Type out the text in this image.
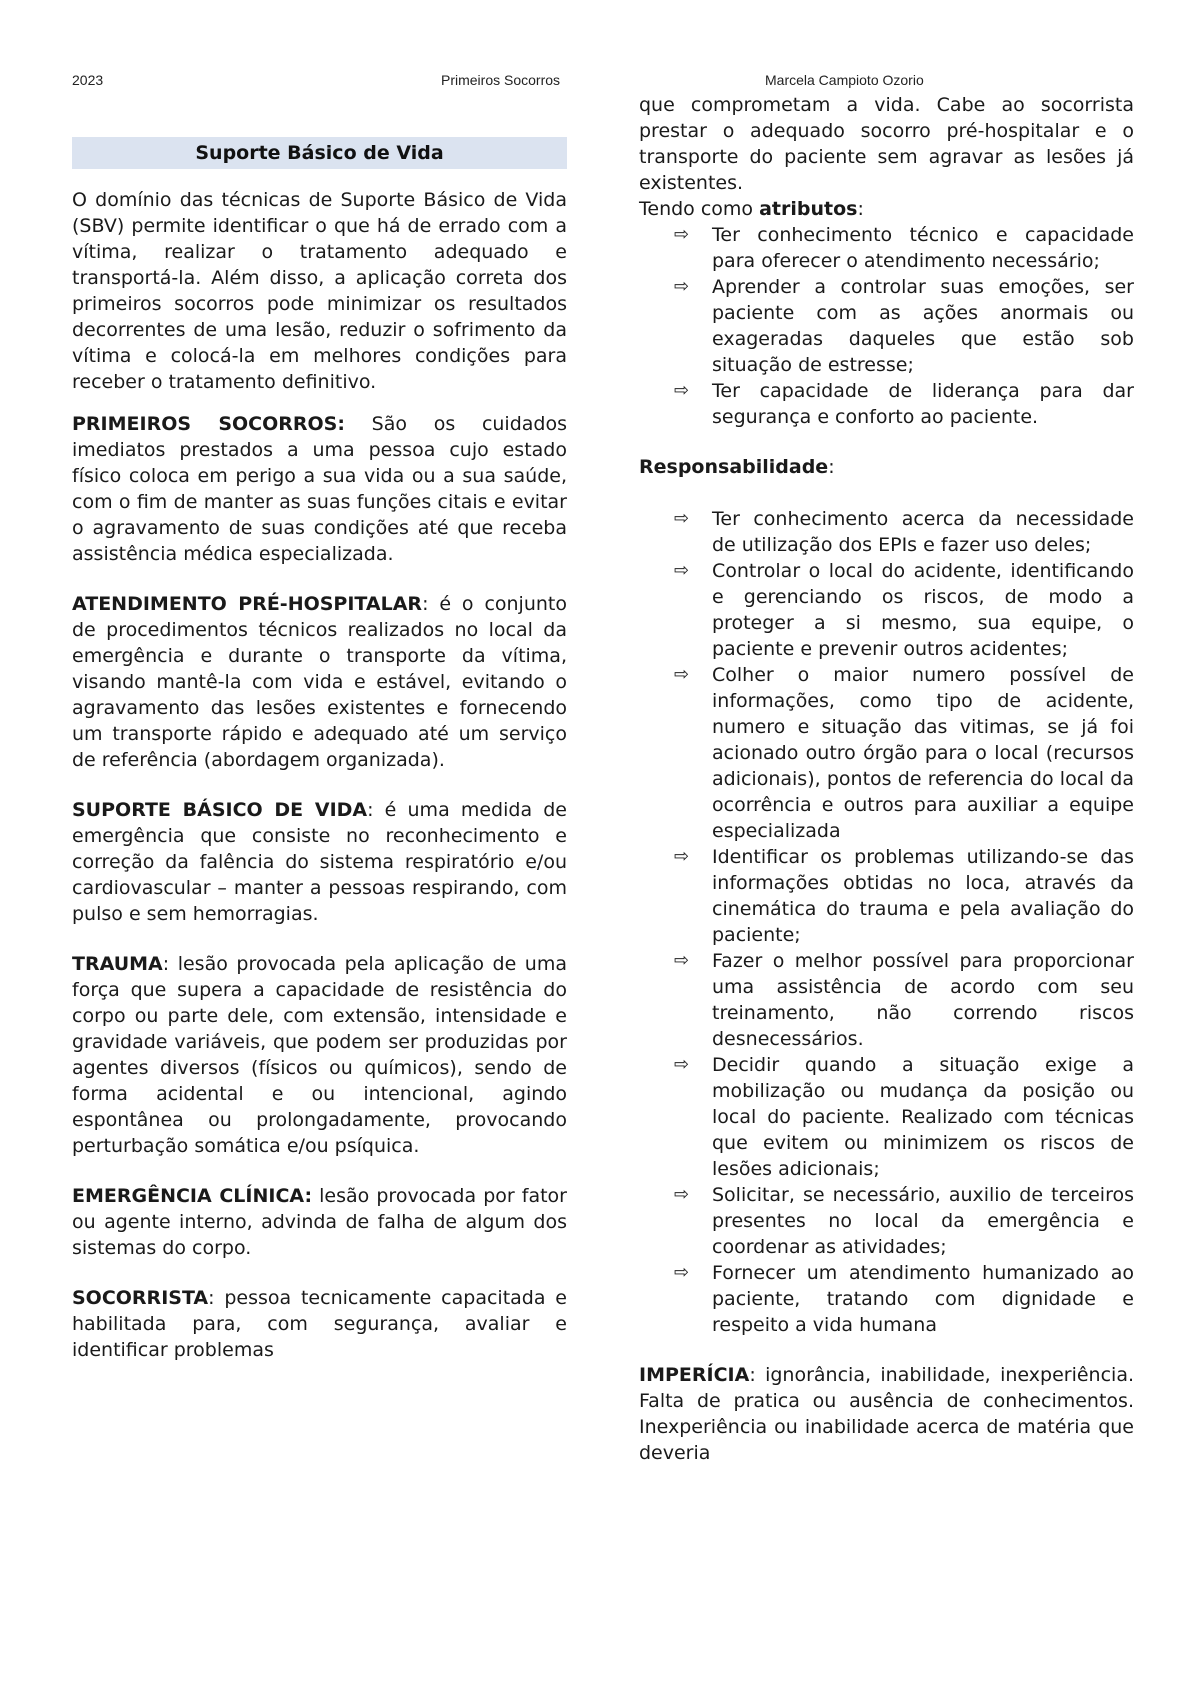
2023	Primeiros Socorros	Marcela Campioto Ozorio
Suporte Básico de Vida

O domínio das técnicas de Suporte Básico de Vida (SBV) permite identificar o que há de errado com a vítima, realizar o tratamento adequado e transportá-la. Além disso, a aplicação correta dos primeiros socorros pode minimizar os resultados decorrentes de uma lesão, reduzir o sofrimento da vítima e colocá-la em melhores condições para receber o tratamento definitivo.

PRIMEIROS SOCORROS: São os cuidados imediatos prestados a uma pessoa cujo estado físico coloca em perigo a sua vida ou a sua saúde, com o fim de manter as suas funções citais e evitar o agravamento de suas condições até que receba assistência médica especializada.

ATENDIMENTO PRÉ-HOSPITALAR: é o conjunto de procedimentos técnicos realizados no local da emergência e durante o transporte da vítima, visando mantê-la com vida e estável, evitando o agravamento das lesões existentes e fornecendo um transporte rápido e adequado até um serviço de referência (abordagem organizada).

SUPORTE BÁSICO DE VIDA: é uma medida de emergência que consiste no reconhecimento e correção da falência do sistema respiratório e/ou cardiovascular – manter a pessoas respirando, com pulso e sem hemorragias.

TRAUMA: lesão provocada pela aplicação de uma força que supera a capacidade de resistência do corpo ou parte dele, com extensão, intensidade e gravidade variáveis, que podem ser produzidas por agentes diversos (físicos ou químicos), sendo de forma acidental e ou intencional, agindo espontânea ou prolongadamente, provocando perturbação somática e/ou psíquica.

EMERGÊNCIA CLÍNICA: lesão provocada por fator ou agente interno, advinda de falha de algum dos sistemas do corpo.

SOCORRISTA: pessoa tecnicamente capacitada e habilitada para, com segurança, avaliar e identificar problemas

que comprometam a vida. Cabe ao socorrista prestar o adequado socorro pré-hospitalar e o transporte do paciente sem agravar as lesões já existentes.

Tendo como atributos:

⇨	Ter conhecimento técnico e capacidade para oferecer o atendimento necessário;
⇨	Aprender a controlar suas emoções, ser paciente com as ações anormais ou exageradas daqueles que estão sob situação de estresse;
⇨	Ter capacidade de liderança para dar segurança e conforto ao paciente.

Responsabilidade:

⇨	Ter conhecimento acerca da necessidade de utilização dos EPIs e fazer uso deles;
⇨	Controlar o local do acidente, identificando e gerenciando os riscos, de modo a proteger a si mesmo, sua equipe, o paciente e prevenir outros acidentes;
⇨	Colher o maior numero possível de informações, como tipo de acidente, numero e situação das vitimas, se já foi acionado outro órgão para o local (recursos adicionais), pontos de referencia do local da ocorrência e outros para auxiliar a equipe especializada
⇨	Identificar os problemas utilizando-se das informações obtidas no loca, através da cinemática do trauma e pela avaliação do paciente;
⇨	Fazer o melhor possível para proporcionar uma assistência de acordo com seu treinamento, não correndo riscos desnecessários.
⇨	Decidir quando a situação exige a mobilização ou mudança da posição ou local do paciente. Realizado com técnicas que evitem ou minimizem os riscos de lesões adicionais;
⇨	Solicitar, se necessário, auxilio de terceiros presentes no local da emergência e coordenar as atividades;
⇨	Fornecer um atendimento humanizado ao paciente, tratando com dignidade e respeito a vida humana

IMPERÍCIA: ignorância, inabilidade, inexperiência. Falta de pratica ou ausência de conhecimentos. Inexperiência ou inabilidade acerca de matéria que deveria
